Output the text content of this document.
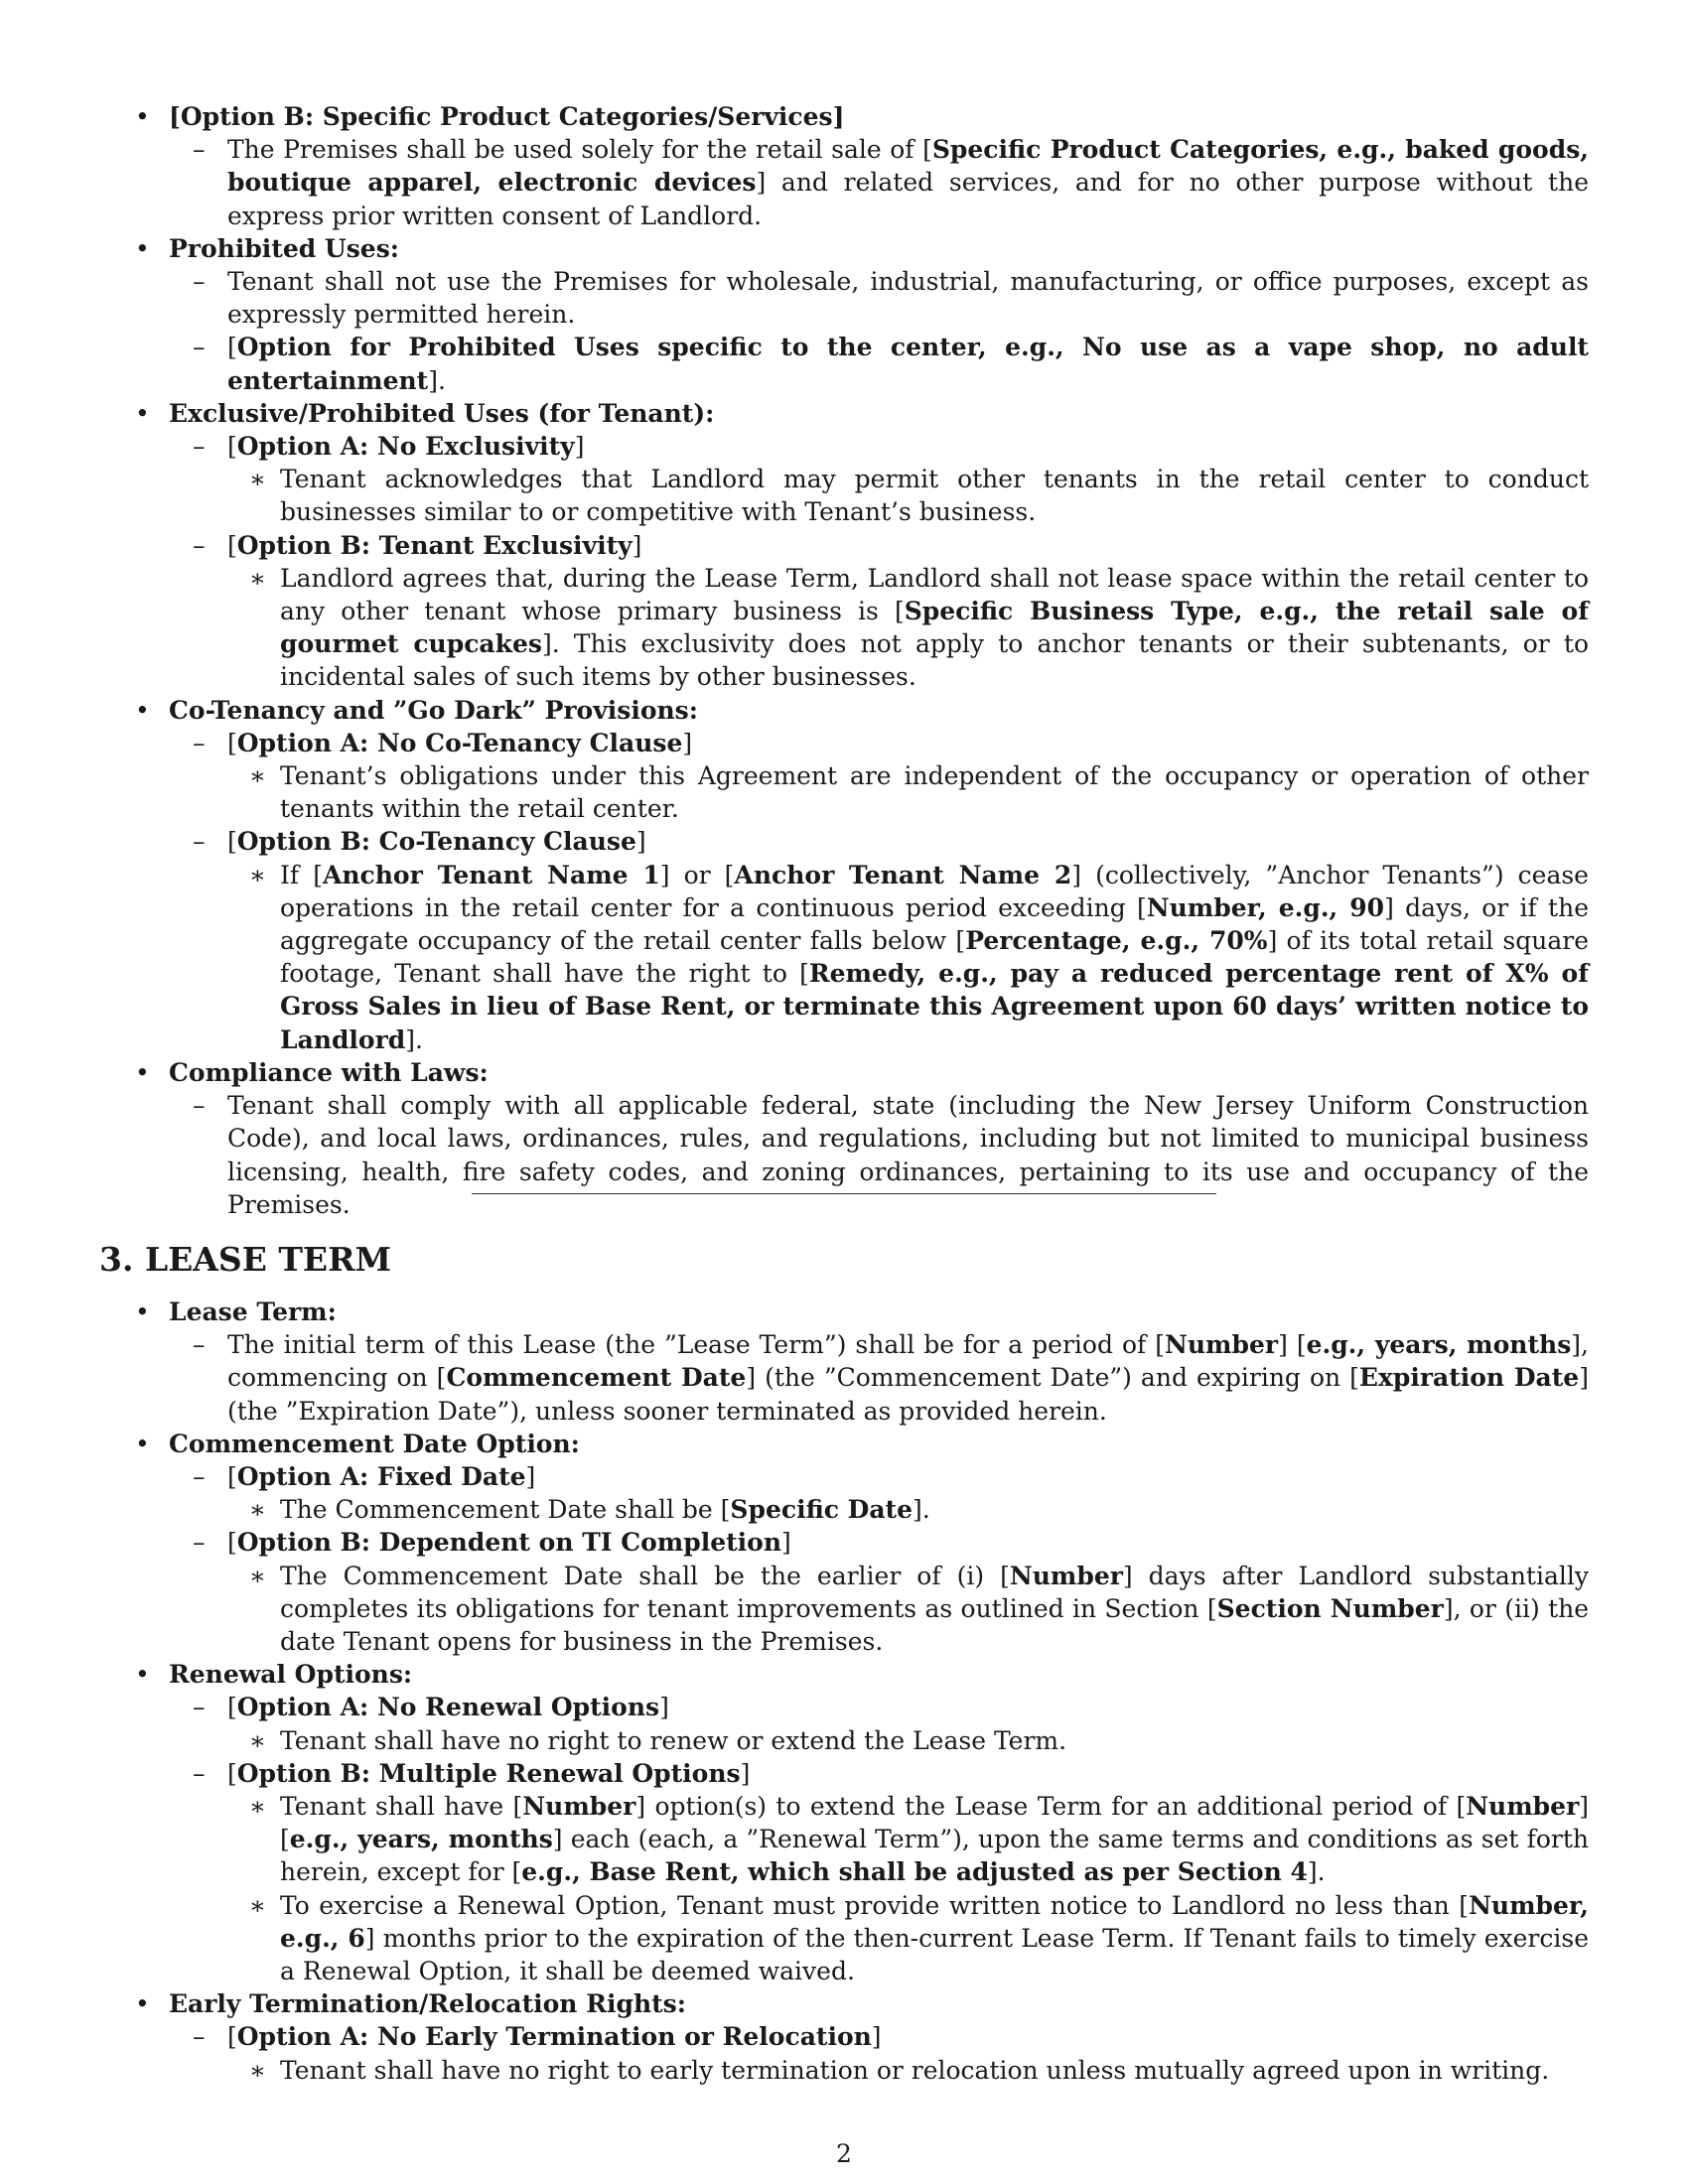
• [Option B: Specific Product Categories/Services]
– The Premises shall be used solely for the retail sale of [Specific Product Categories, e.g., baked goods, boutique apparel, electronic devices] and related services, and for no other purpose without the express prior written consent of Landlord.
• Prohibited Uses:
– Tenant shall not use the Premises for wholesale, industrial, manufacturing, or office purposes, except as expressly permitted herein.
– [Option for Prohibited Uses specific to the center, e.g., No use as a vape shop, no adult entertainment].
• Exclusive/Prohibited Uses (for Tenant):
– [Option A: No Exclusivity]
∗ Tenant acknowledges that Landlord may permit other tenants in the retail center to conduct businesses similar to or competitive with Tenant’s business.
– [Option B: Tenant Exclusivity]
∗ Landlord agrees that, during the Lease Term, Landlord shall not lease space within the retail center to any other tenant whose primary business is [Specific Business Type, e.g., the retail sale of gourmet cupcakes]. This exclusivity does not apply to anchor tenants or their subtenants, or to incidental sales of such items by other businesses.
• Co-Tenancy and ”Go Dark” Provisions:
– [Option A: No Co-Tenancy Clause]
∗ Tenant’s obligations under this Agreement are independent of the occupancy or operation of other tenants within the retail center.
– [Option B: Co-Tenancy Clause]
∗ If [Anchor Tenant Name 1] or [Anchor Tenant Name 2] (collectively, ”Anchor Tenants”) cease operations in the retail center for a continuous period exceeding [Number, e.g., 90] days, or if the aggregate occupancy of the retail center falls below [Percentage, e.g., 70%] of its total retail square footage, Tenant shall have the right to [Remedy, e.g., pay a reduced percentage rent of X% of Gross Sales in lieu of Base Rent, or terminate this Agreement upon 60 days’ written notice to Landlord].
• Compliance with Laws:
– Tenant shall comply with all applicable federal, state (including the New Jersey Uniform Construction Code), and local laws, ordinances, rules, and regulations, including but not limited to municipal business licensing, health, fire safety codes, and zoning ordinances, pertaining to its use and occupancy of the Premises.
3. LEASE TERM
• Lease Term:
– The initial term of this Lease (the ”Lease Term”) shall be for a period of [Number] [e.g., years, months], commencing on [Commencement Date] (the ”Commencement Date”) and expiring on [Expiration Date] (the ”Expiration Date”), unless sooner terminated as provided herein.
• Commencement Date Option:
– [Option A: Fixed Date]
∗ The Commencement Date shall be [Specific Date].
– [Option B: Dependent on TI Completion]
∗ The Commencement Date shall be the earlier of (i) [Number] days after Landlord substantially completes its obligations for tenant improvements as outlined in Section [Section Number], or (ii) the date Tenant opens for business in the Premises.
• Renewal Options:
– [Option A: No Renewal Options]
∗ Tenant shall have no right to renew or extend the Lease Term.
– [Option B: Multiple Renewal Options]
∗ Tenant shall have [Number] option(s) to extend the Lease Term for an additional period of [Number] [e.g., years, months] each (each, a ”Renewal Term”), upon the same terms and conditions as set forth herein, except for [e.g., Base Rent, which shall be adjusted as per Section 4].
∗ To exercise a Renewal Option, Tenant must provide written notice to Landlord no less than [Number, e.g., 6] months prior to the expiration of the then-current Lease Term. If Tenant fails to timely exercise a Renewal Option, it shall be deemed waived.
• Early Termination/Relocation Rights:
– [Option A: No Early Termination or Relocation]
∗ Tenant shall have no right to early termination or relocation unless mutually agreed upon in writing.
2
